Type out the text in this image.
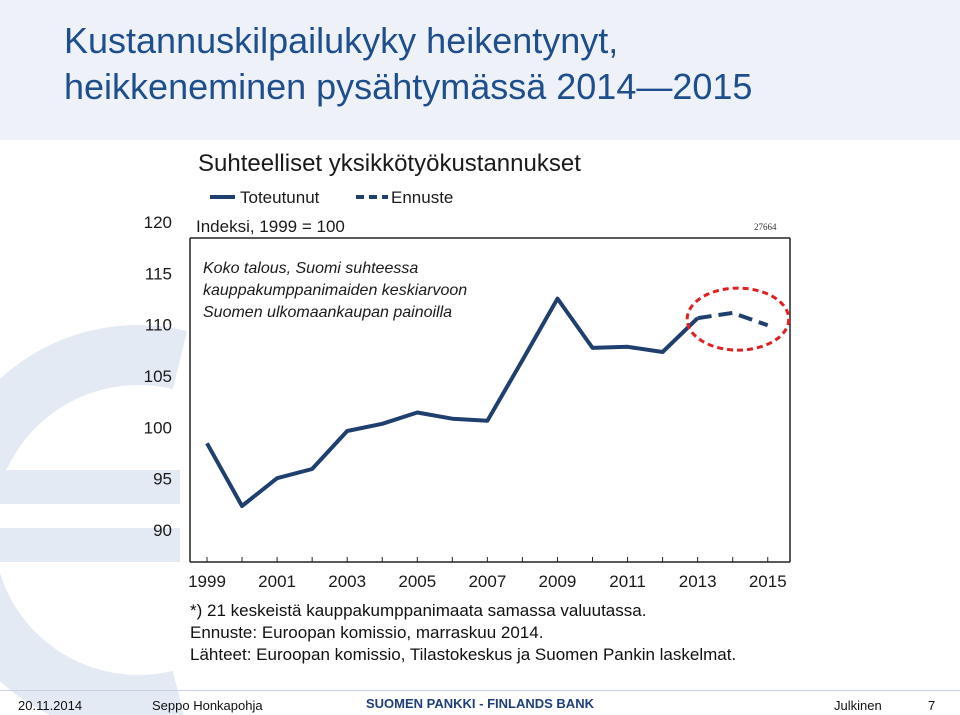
Kustannuskilpailukyky heikentynyt,
heikkeneminen pysähtymässä 2014—2015
Suhteelliset yksikkötyökustannukset
Toteutunut	Ennuste
Indeksi, 1999 = 100	27664
Koko talous, Suomi suhteessa
kauppakumppanimaiden keskiarvoon
Suomen ulkomaankaupan painoilla
90
95
100
105
110
115
120
1999 2001 2003 2005 2007 2009 2011 2013 2015
*) 21 keskeistä kauppakumppanimaata samassa valuutassa.
Ennuste: Euroopan komissio, marraskuu 2014.
Lähteet: Euroopan komissio, Tilastokeskus ja Suomen Pankin laskelmat.
20.11.2014	Seppo Honkapohja	SUOMEN PANKKI - FINLANDS BANK	Julkinen	7
